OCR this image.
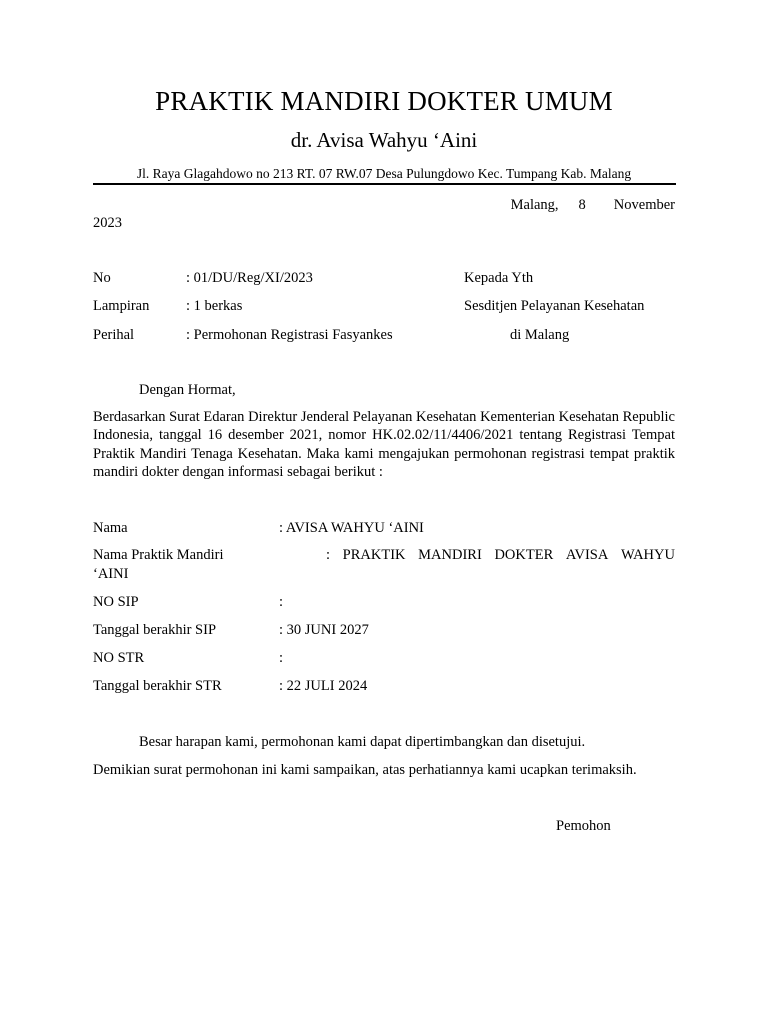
PRAKTIK MANDIRI DOKTER UMUM
dr. Avisa Wahyu ‘Aini
Jl. Raya Glagahdowo no 213 RT. 07 RW.07 Desa Pulungdowo Kec. Tumpang Kab. Malang
Malang, 8 November
2023
No	: 01/DU/Reg/XI/2023
Lampiran	: 1 berkas
Perihal	: Permohonan Registrasi Fasyankes
Kepada Yth
Sesditjen Pelayanan Kesehatan
di Malang
Dengan Hormat,
Berdasarkan Surat Edaran Direktur Jenderal Pelayanan Kesehatan Kementerian Kesehatan Republic Indonesia, tanggal 16 desember 2021, nomor HK.02.02/11/4406/2021 tentang Registrasi Tempat Praktik Mandiri Tenaga Kesehatan. Maka kami mengajukan permohonan registrasi tempat praktik mandiri dokter dengan informasi sebagai berikut :
Nama	: AVISA WAHYU ‘AINI
Nama Praktik Mandiri	: PRAKTIK MANDIRI DOKTER AVISA WAHYU
‘AINI
NO SIP	:
Tanggal berakhir SIP	: 30 JUNI 2027
NO STR	:
Tanggal berakhir STR	: 22 JULI 2024
Besar harapan kami, permohonan kami dapat dipertimbangkan dan disetujui.
Demikian surat permohonan ini kami sampaikan, atas perhatiannya kami ucapkan terimaksih.
Pemohon
